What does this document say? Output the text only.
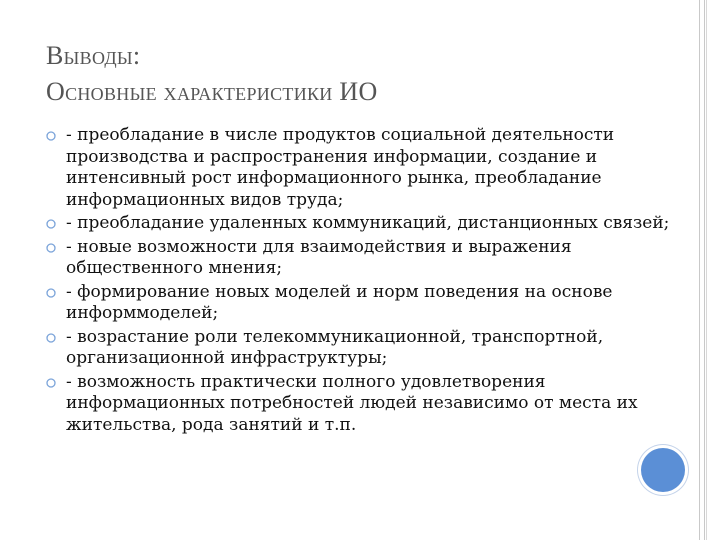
Выводы:
Основные характеристики ИО
- преобладание в числе продуктов социальной деятельности производства и распространения информации, создание и интенсивный рост информационного рынка, преобладание информационных видов труда;
- преобладание удаленных коммуникаций, дистанционных связей;
- новые возможности для взаимодействия и выражения общественного мнения;
- формирование новых моделей и норм поведения на основе информмоделей;
- возрастание роли телекоммуникационной, транспортной, организационной инфраструктуры;
- возможность практически полного удовлетворения информационных потребностей людей независимо от места их жительства, рода занятий и т.п.
